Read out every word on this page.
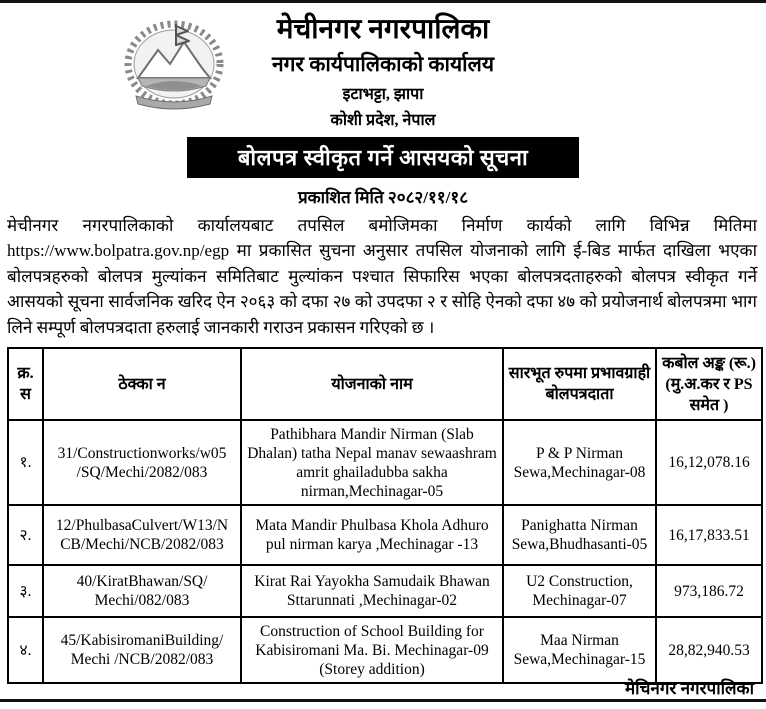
मेचीनगर नगरपालिका
नगर कार्यपालिकाको कार्यालय
इटाभट्टा, झापा
कोशी प्रदेश, नेपाल
बोलपत्र स्वीकृत गर्ने आसयको सूचना
प्रकाशित मिति २०८२/११/१८
मेचीनगर नगरपालिकाको कार्यालयबाट तपसिल बमोजिमका निर्माण कार्यको लागि विभिन्न मितिमा https://www.bolpatra.gov.np/egp मा प्रकासित सुचना अनुसार तपसिल योजनाको लागि ई-बिड मार्फत दाखिला भएका बोलपत्रहरुको बोलपत्र मुल्यांकन समितिबाट मुल्यांकन पश्चात सिफारिस भएका बोलपत्रदताहरुको बोलपत्र स्वीकृत गर्ने आसयको सूचना सार्वजनिक खरिद ऐन २०६३ को दफा २७ को उपदफा २ र सोहि ऐनको दफा ४७ को प्रयोजनार्थ बोलपत्रमा भाग लिने सम्पूर्ण बोलपत्रदाता हरुलाई जानकारी गराउन प्रकासन गरिएको छ ।
क्र.स	ठेक्का न	योजनाको नाम	सारभूत रुपमा प्रभावग्राही बोलपत्रदाता	कबोल अङ्क (रू.) (मु.अ.कर र PS समेत )
१.	31/Constructionworks/w05 /SQ/Mechi/2082/083	Pathibhara Mandir Nirman (Slab Dhalan) tatha Nepal manav sewaashram amrit ghailadubba sakha nirman,Mechinagar-05	P & P Nirman Sewa,Mechinagar-08	16,12,078.16
२.	12/PhulbasaCulvert/W13/N CB/Mechi/NCB/2082/083	Mata Mandir Phulbasa Khola Adhuro pul nirman karya ,Mechinagar -13	Panighatta Nirman Sewa,Bhudhasanti-05	16,17,833.51
३.	40/KiratBhawan/SQ/ Mechi/082/083	Kirat Rai Yayokha Samudaik Bhawan Sttarunnati ,Mechinagar-02	U2 Construction, Mechinagar-07	973,186.72
४.	45/KabisiromaniBuilding/ Mechi /NCB/2082/083	Construction of School Building for Kabisiromani Ma. Bi. Mechinagar-09 (Storey addition)	Maa Nirman Sewa,Mechinagar-15	28,82,940.53
मेचिनगर नगरपालिका
